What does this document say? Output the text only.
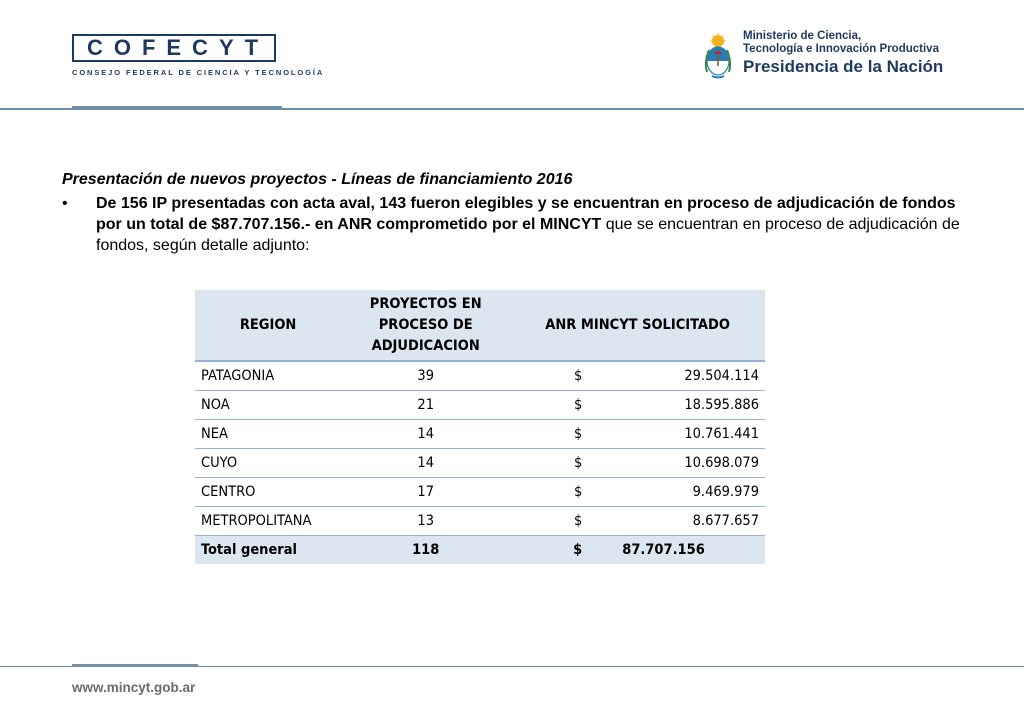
COFECYT
CONSEJO FEDERAL DE CIENCIA Y TECNOLOGÍA
Ministerio de Ciencia,
Tecnología e Innovación Productiva
Presidencia de la Nación
Presentación de nuevos proyectos - Líneas de financiamiento 2016
• De 156 IP presentadas con acta aval, 143 fueron elegibles y se encuentran en proceso de adjudicación de fondos por un total de $87.707.156.- en ANR comprometido por el MINCYT que se encuentran en proceso de adjudicación de fondos, según detalle adjunto:
REGION	PROYECTOS EN PROCESO DE ADJUDICACION	ANR MINCYT SOLICITADO	
PATAGONIA	39	$	29.504.114
NOA	21	$	18.595.886
NEA	14	$	10.761.441
CUYO	14	$	10.698.079
CENTRO	17	$	9.469.979
METROPOLITANA	13	$	8.677.657
Total general	118	$	87.707.156
www.mincyt.gob.ar
